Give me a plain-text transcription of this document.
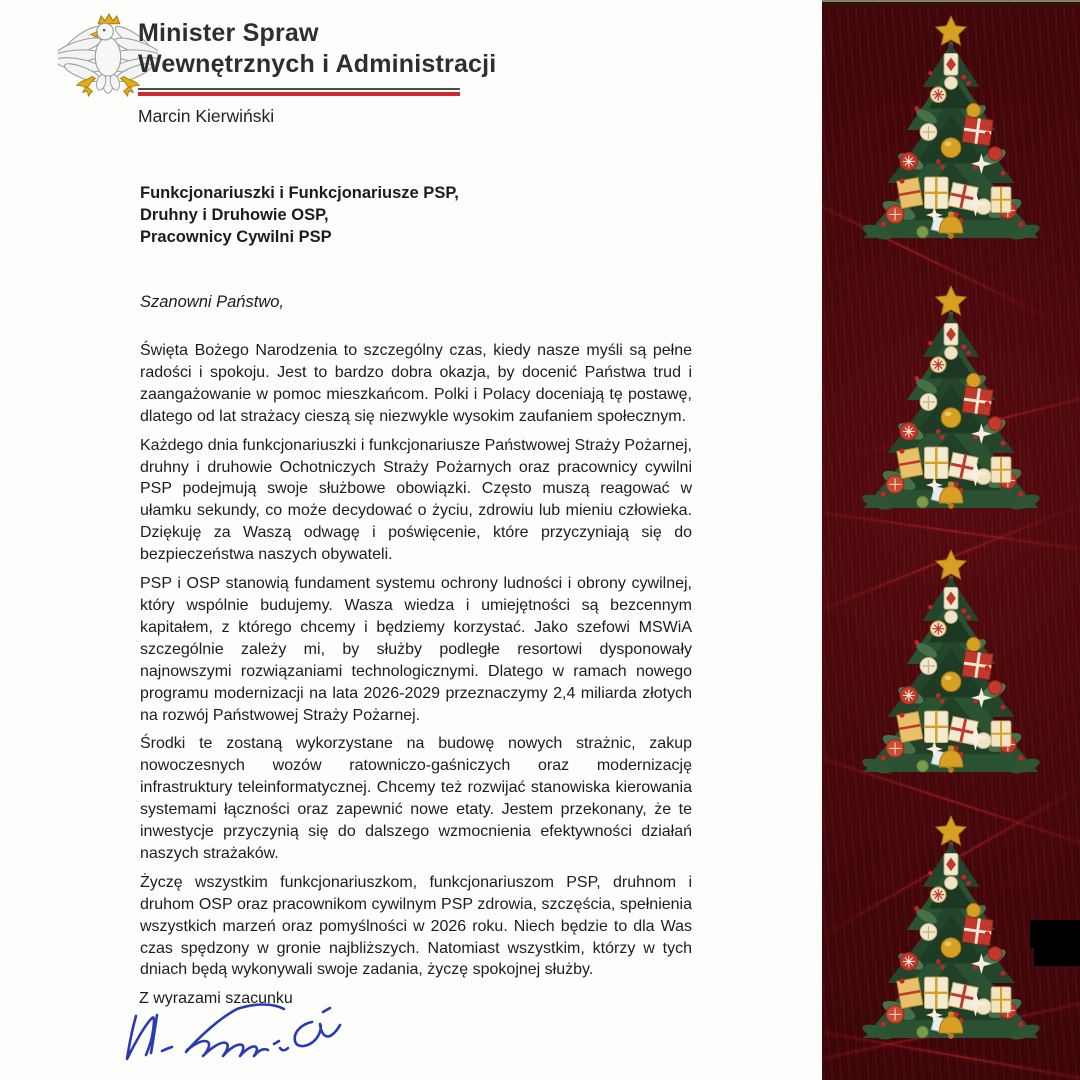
Minister Spraw
Wewnętrznych i Administracji
Marcin Kierwiński
Funkcjonariuszki i Funkcjonariusze PSP,
Druhny i Druhowie OSP,
Pracownicy Cywilni PSP
Szanowni Państwo,

Święta Bożego Narodzenia to szczególny czas, kiedy nasze myśli są pełne radości i spokoju. Jest to bardzo dobra okazja, by docenić Państwa trud i zaangażowanie w pomoc mieszkańcom. Polki i Polacy doceniają tę postawę, dlatego od lat strażacy cieszą się niezwykle wysokim zaufaniem społecznym.

Każdego dnia funkcjonariuszki i funkcjonariusze Państwowej Straży Pożarnej, druhny i druhowie Ochotniczych Straży Pożarnych oraz pracownicy cywilni PSP podejmują swoje służbowe obowiązki. Często muszą reagować w ułamku sekundy, co może decydować o życiu, zdrowiu lub mieniu człowieka. Dziękuję za Waszą odwagę i poświęcenie, które przyczyniają się do bezpieczeństwa naszych obywateli.

PSP i OSP stanowią fundament systemu ochrony ludności i obrony cywilnej, który wspólnie budujemy. Wasza wiedza i umiejętności są bezcennym kapitałem, z którego chcemy i będziemy korzystać. Jako szefowi MSWiA szczególnie zależy mi, by służby podległe resortowi dysponowały najnowszymi rozwiązaniami technologicznymi. Dlatego w ramach nowego programu modernizacji na lata 2026-2029 przeznaczymy 2,4 miliarda złotych na rozwój Państwowej Straży Pożarnej.

Środki te zostaną wykorzystane na budowę nowych strażnic, zakup nowoczesnych wozów ratowniczo-gaśniczych oraz modernizację infrastruktury teleinformatycznej. Chcemy też rozwijać stanowiska kierowania systemami łączności oraz zapewnić nowe etaty. Jestem przekonany, że te inwestycje przyczynią się do dalszego wzmocnienia efektywności działań naszych strażaków.

Życzę wszystkim funkcjonariuszkom, funkcjonariuszom PSP, druhnom i druhom OSP oraz pracownikom cywilnym PSP zdrowia, szczęścia, spełnienia wszystkich marzeń oraz pomyślności w 2026 roku. Niech będzie to dla Was czas spędzony w gronie najbliższych. Natomiast wszystkim, którzy w tych dniach będą wykonywali swoje zadania, życzę spokojnej służby.

Z wyrazami szacunku
